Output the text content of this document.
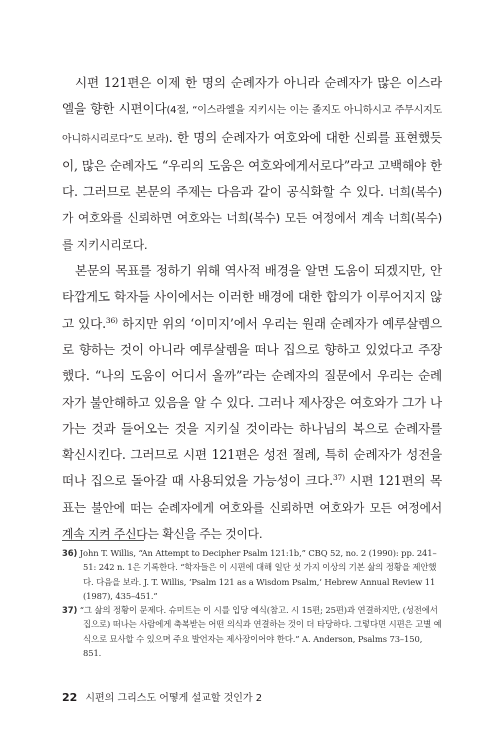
시편 121편은 이제 한 명의 순례자가 아니라 순례자가 많은 이스라엘을 향한 시편이다(4절, “이스라엘을 지키시는 이는 졸지도 아니하시고 주무시지도 아니하시리로다”도 보라). 한 명의 순례자가 여호와에 대한 신뢰를 표현했듯이, 많은 순례자도 “우리의 도움은 여호와에게서로다”라고 고백해야 한다. 그러므로 본문의 주제는 다음과 같이 공식화할 수 있다. 너희(복수)가 여호와를 신뢰하면 여호와는 너희(복수) 모든 여정에서 계속 너희(복수)를 지키시리로다.

본문의 목표를 정하기 위해 역사적 배경을 알면 도움이 되겠지만, 안타깝게도 학자들 사이에서는 이러한 배경에 대한 합의가 이루어지지 않고 있다.$^{36)}$ 하지만 위의 ‘이미지’에서 우리는 원래 순례자가 예루살렘으로 향하는 것이 아니라 예루살렘을 떠나 집으로 향하고 있었다고 주장했다. “나의 도움이 어디서 올까”라는 순례자의 질문에서 우리는 순례자가 불안해하고 있음을 알 수 있다. 그러나 제사장은 여호와가 그가 나가는 것과 들어오는 것을 지키실 것이라는 하나님의 복으로 순례자를 확신시킨다. 그러므로 시편 121편은 성전 절례, 특히 순례자가 성전을 떠나 집으로 돌아갈 때 사용되었을 가능성이 크다.$^{37)}$ 시편 121편의 목표는 불안에 떠는 순례자에게 여호와를 신뢰하면 여호와가 모든 여정에서 계속 지켜 주신다는 확신을 주는 것이다.

36) John T. Willis, “An Attempt to Decipher Psalm 121:1b,” CBQ 52, no. 2 (1990): pp. 241–51: 242 n. 1은 기록한다. “학자들은 이 시편에 대해 일단 섯 가지 이상의 기본 삶의 정황을 제안했다. 다음을 보라. J. T. Willis, ‘Psalm 121 as a Wisdom Psalm,’ Hebrew Annual Review 11 (1987), 435–451.”

37) “그 삶의 정황이 문제다. 슈미트는 이 시를 입당 예식(참고. 시 15편; 25편)과 연결하지만, (성전에서 집으로) 떠나는 사람에게 축복받는 어떤 의식과 연결하는 것이 더 타당하다. 그렇다면 시편은 고별 예식으로 묘사할 수 있으며 주요 발언자는 제사장이어야 한다.” A. Anderson, Psalms 73–150, 851.

22 시편의 그리스도 어떻게 설교할 것인가 2
